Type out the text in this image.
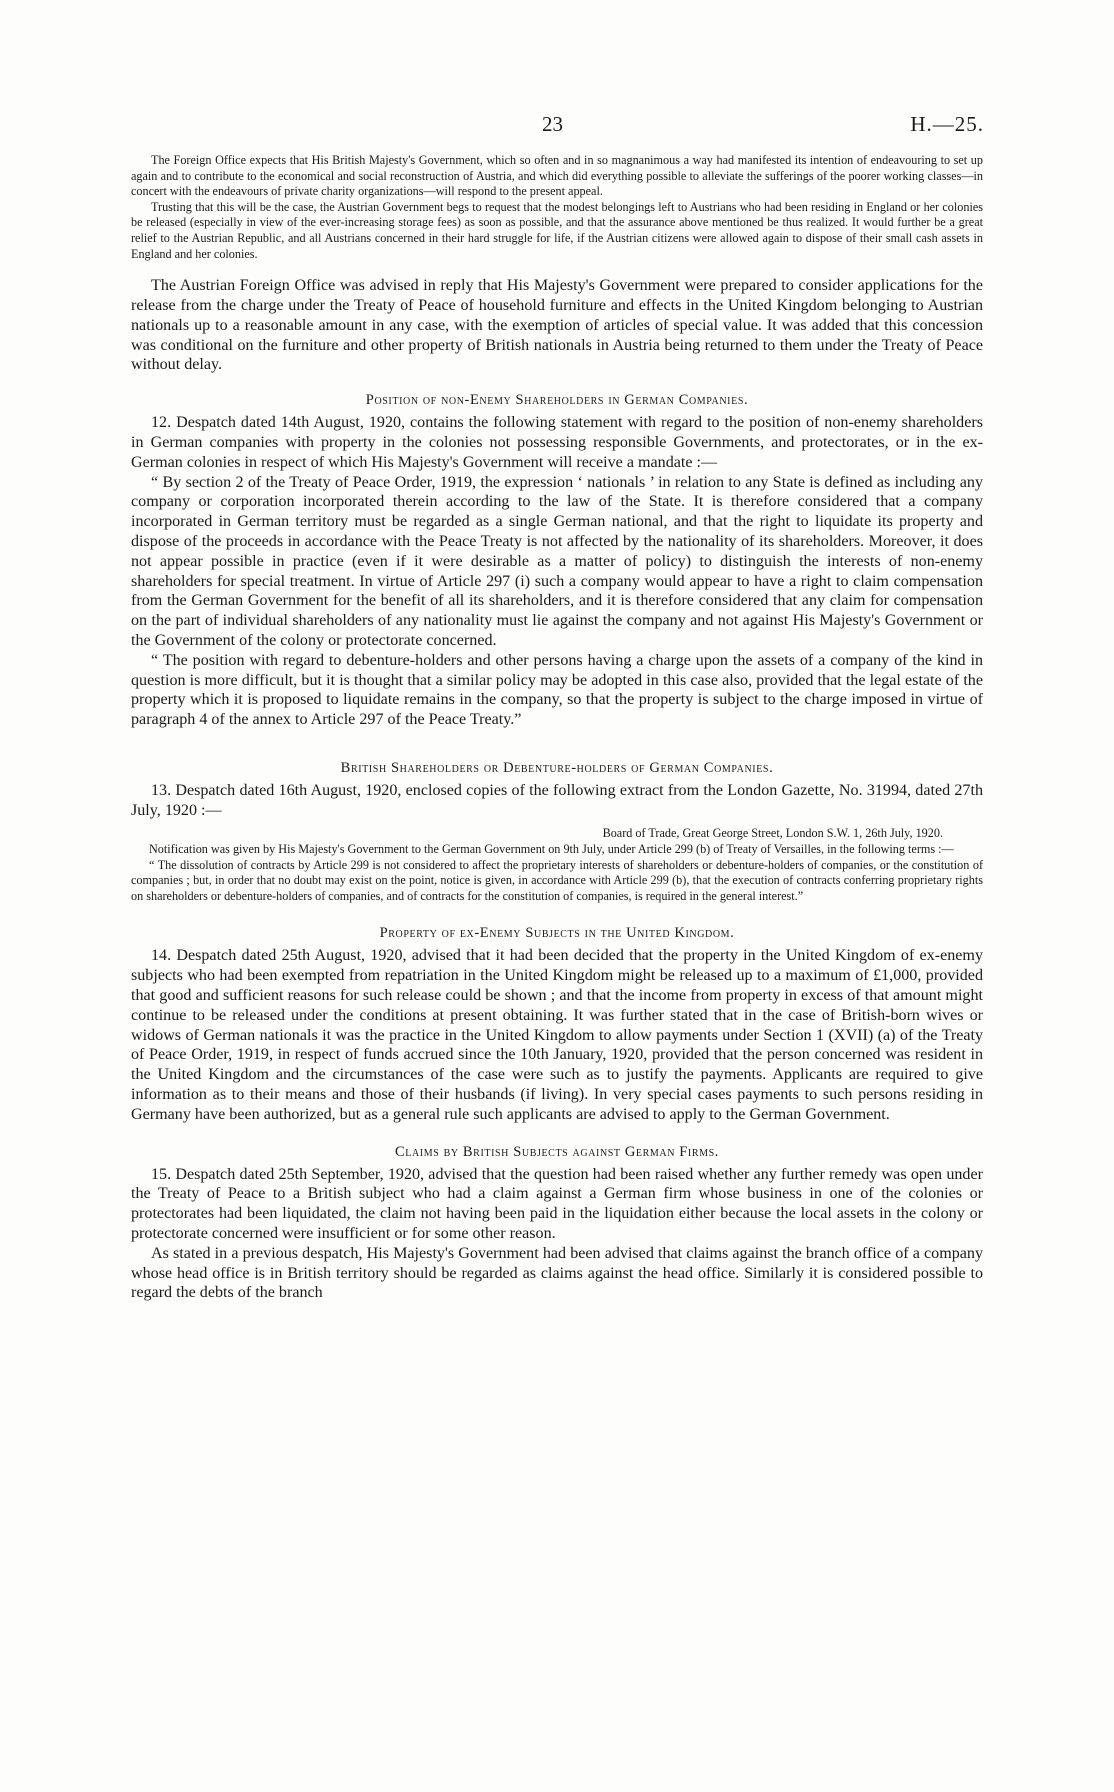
23	H.—25.

The Foreign Office expects that His British Majesty's Government, which so often and in so magnanimous a way had manifested its intention of endeavouring to set up again and to contribute to the economical and social reconstruction of Austria, and which did everything possible to alleviate the sufferings of the poorer working classes—in concert with the endeavours of private charity organizations—will respond to the present appeal.

Trusting that this will be the case, the Austrian Government begs to request that the modest belongings left to Austrians who had been residing in England or her colonies be released (especially in view of the ever-increasing storage fees) as soon as possible, and that the assurance above mentioned be thus realized. It would further be a great relief to the Austrian Republic, and all Austrians concerned in their hard struggle for life, if the Austrian citizens were allowed again to dispose of their small cash assets in England and her colonies.

The Austrian Foreign Office was advised in reply that His Majesty's Government were prepared to consider applications for the release from the charge under the Treaty of Peace of household furniture and effects in the United Kingdom belonging to Austrian nationals up to a reasonable amount in any case, with the exemption of articles of special value. It was added that this concession was conditional on the furniture and other property of British nationals in Austria being returned to them under the Treaty of Peace without delay.

Position of non-Enemy Shareholders in German Companies.

12. Despatch dated 14th August, 1920, contains the following statement with regard to the position of non-enemy shareholders in German companies with property in the colonies not possessing responsible Governments, and protectorates, or in the ex-German colonies in respect of which His Majesty's Government will receive a mandate :—

“ By section 2 of the Treaty of Peace Order, 1919, the expression ‘ nationals ’ in relation to any State is defined as including any company or corporation incorporated therein according to the law of the State. It is therefore considered that a company incorporated in German territory must be regarded as a single German national, and that the right to liquidate its property and dispose of the proceeds in accordance with the Peace Treaty is not affected by the nationality of its shareholders. Moreover, it does not appear possible in practice (even if it were desirable as a matter of policy) to distinguish the interests of non-enemy shareholders for special treatment. In virtue of Article 297 (i) such a company would appear to have a right to claim compensation from the German Government for the benefit of all its shareholders, and it is therefore considered that any claim for compensation on the part of individual shareholders of any nationality must lie against the company and not against His Majesty's Government or the Government of the colony or protectorate concerned.

“ The position with regard to debenture-holders and other persons having a charge upon the assets of a company of the kind in question is more difficult, but it is thought that a similar policy may be adopted in this case also, provided that the legal estate of the property which it is proposed to liquidate remains in the company, so that the property is subject to the charge imposed in virtue of paragraph 4 of the annex to Article 297 of the Peace Treaty.”

British Shareholders or Debenture-holders of German Companies.

13. Despatch dated 16th August, 1920, enclosed copies of the following extract from the London Gazette, No. 31994, dated 27th July, 1920 :—

Board of Trade, Great George Street, London S.W. 1, 26th July, 1920.

Notification was given by His Majesty's Government to the German Government on 9th July, under Article 299 (b) of Treaty of Versailles, in the following terms :—

“ The dissolution of contracts by Article 299 is not considered to affect the proprietary interests of shareholders or debenture-holders of companies, or the constitution of companies ; but, in order that no doubt may exist on the point, notice is given, in accordance with Article 299 (b), that the execution of contracts conferring proprietary rights on shareholders or debenture-holders of companies, and of contracts for the constitution of companies, is required in the general interest.”

Property of ex-Enemy Subjects in the United Kingdom.

14. Despatch dated 25th August, 1920, advised that it had been decided that the property in the United Kingdom of ex-enemy subjects who had been exempted from repatriation in the United Kingdom might be released up to a maximum of £1,000, provided that good and sufficient reasons for such release could be shown ; and that the income from property in excess of that amount might continue to be released under the conditions at present obtaining. It was further stated that in the case of British-born wives or widows of German nationals it was the practice in the United Kingdom to allow payments under Section 1 (XVII) (a) of the Treaty of Peace Order, 1919, in respect of funds accrued since the 10th January, 1920, provided that the person concerned was resident in the United Kingdom and the circumstances of the case were such as to justify the payments. Applicants are required to give information as to their means and those of their husbands (if living). In very special cases payments to such persons residing in Germany have been authorized, but as a general rule such applicants are advised to apply to the German Government.

Claims by British Subjects against German Firms.

15. Despatch dated 25th September, 1920, advised that the question had been raised whether any further remedy was open under the Treaty of Peace to a British subject who had a claim against a German firm whose business in one of the colonies or protectorates had been liquidated, the claim not having been paid in the liquidation either because the local assets in the colony or protectorate concerned were insufficient or for some other reason.

As stated in a previous despatch, His Majesty's Government had been advised that claims against the branch office of a company whose head office is in British territory should be regarded as claims against the head office. Similarly it is considered possible to regard the debts of the branch
